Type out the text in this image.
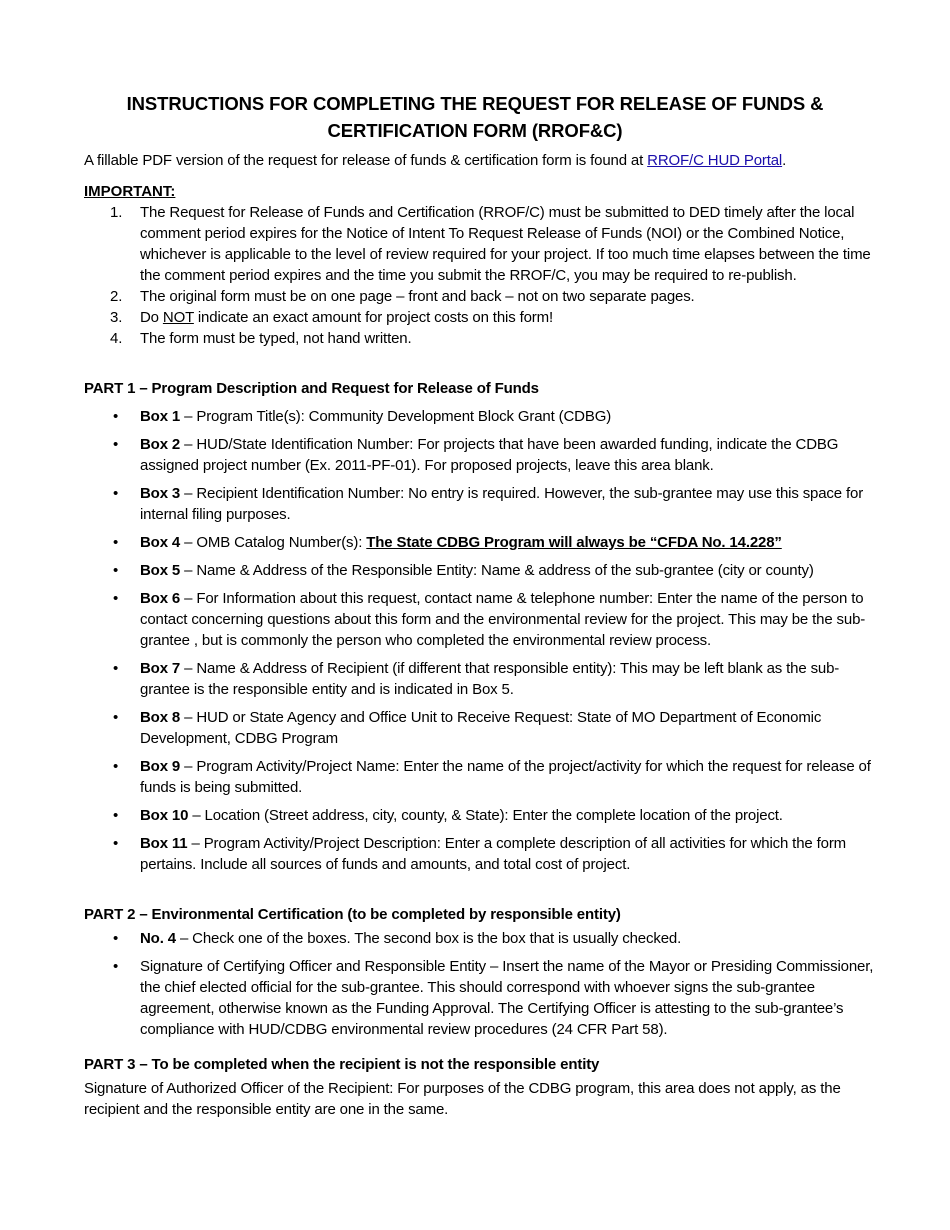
INSTRUCTIONS FOR COMPLETING THE REQUEST FOR RELEASE OF FUNDS &
CERTIFICATION FORM (RROF&C)
A fillable PDF version of the request for release of funds & certification form is found at RROF/C HUD Portal.
IMPORTANT:
1. The Request for Release of Funds and Certification (RROF/C) must be submitted to DED timely after the local comment period expires for the Notice of Intent To Request Release of Funds (NOI) or the Combined Notice, whichever is applicable to the level of review required for your project. If too much time elapses between the time the comment period expires and the time you submit the RROF/C, you may be required to re-publish.
2. The original form must be on one page – front and back – not on two separate pages.
3. Do NOT indicate an exact amount for project costs on this form!
4. The form must be typed, not hand written.
PART 1 – Program Description and Request for Release of Funds
• Box 1 – Program Title(s): Community Development Block Grant (CDBG)
• Box 2 – HUD/State Identification Number: For projects that have been awarded funding, indicate the CDBG assigned project number (Ex. 2011-PF-01). For proposed projects, leave this area blank.
• Box 3 – Recipient Identification Number: No entry is required. However, the sub-grantee may use this space for internal filing purposes.
• Box 4 – OMB Catalog Number(s): The State CDBG Program will always be “CFDA No. 14.228”
• Box 5 – Name & Address of the Responsible Entity: Name & address of the sub-grantee (city or county)
• Box 6 – For Information about this request, contact name & telephone number: Enter the name of the person to contact concerning questions about this form and the environmental review for the project. This may be the sub-grantee , but is commonly the person who completed the environmental review process.
• Box 7 – Name & Address of Recipient (if different that responsible entity): This may be left blank as the sub-grantee is the responsible entity and is indicated in Box 5.
• Box 8 – HUD or State Agency and Office Unit to Receive Request: State of MO Department of Economic Development, CDBG Program
• Box 9 – Program Activity/Project Name: Enter the name of the project/activity for which the request for release of funds is being submitted.
• Box 10 – Location (Street address, city, county, & State): Enter the complete location of the project.
• Box 11 – Program Activity/Project Description: Enter a complete description of all activities for which the form pertains. Include all sources of funds and amounts, and total cost of project.
PART 2 – Environmental Certification (to be completed by responsible entity)
• No. 4 – Check one of the boxes. The second box is the box that is usually checked.
• Signature of Certifying Officer and Responsible Entity – Insert the name of the Mayor or Presiding Commissioner, the chief elected official for the sub-grantee. This should correspond with whoever signs the sub-grantee agreement, otherwise known as the Funding Approval. The Certifying Officer is attesting to the sub-grantee’s compliance with HUD/CDBG environmental review procedures (24 CFR Part 58).
PART 3 – To be completed when the recipient is not the responsible entity
Signature of Authorized Officer of the Recipient: For purposes of the CDBG program, this area does not apply, as the recipient and the responsible entity are one in the same.
